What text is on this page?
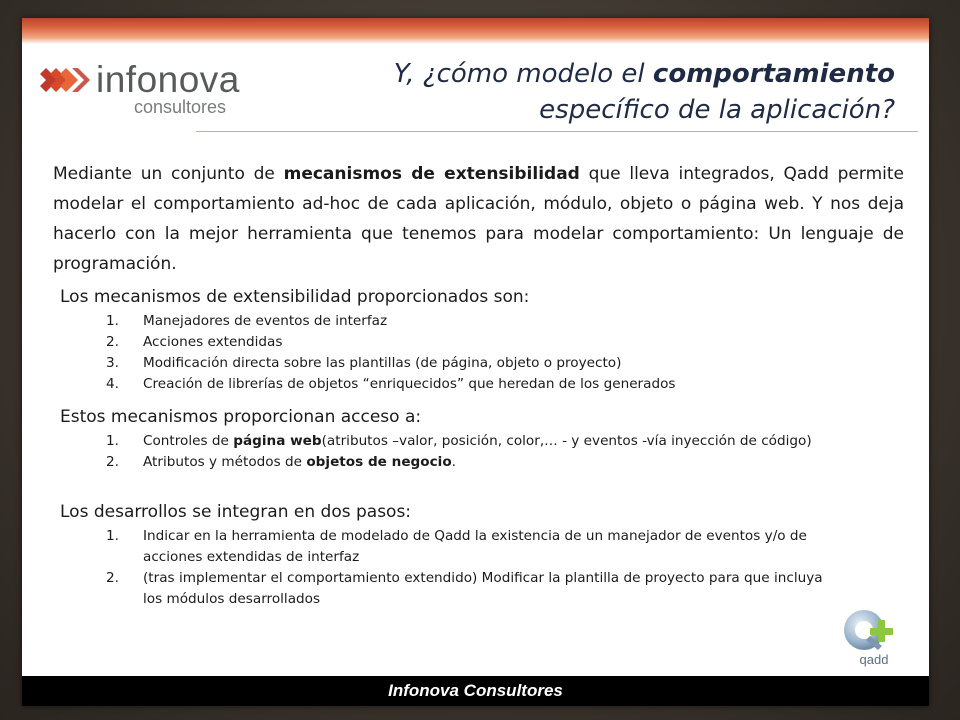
infonova
consultores
Y, ¿cómo modelo el comportamiento
específico de la aplicación?
Mediante un conjunto de mecanismos de extensibilidad que lleva integrados, Qadd permite modelar el comportamiento ad-hoc de cada aplicación, módulo, objeto o página web. Y nos deja hacerlo con la mejor herramienta que tenemos para modelar comportamiento: Un lenguaje de programación.
Los mecanismos de extensibilidad proporcionados son:
1. Manejadores de eventos de interfaz
2. Acciones extendidas
3. Modificación directa sobre las plantillas (de página, objeto o proyecto)
4. Creación de librerías de objetos “enriquecidos” que heredan de los generados
Estos mecanismos proporcionan acceso a:
1. Controles de página web(atributos –valor, posición, color,… - y eventos -vía inyección de código)
2. Atributos y métodos de objetos de negocio.
Los desarrollos se integran en dos pasos:
1. Indicar en la herramienta de modelado de Qadd la existencia de un manejador de eventos y/o de acciones extendidas de interfaz
2. (tras implementar el comportamiento extendido) Modificar la plantilla de proyecto para que incluya los módulos desarrollados
qadd
Infonova Consultores
